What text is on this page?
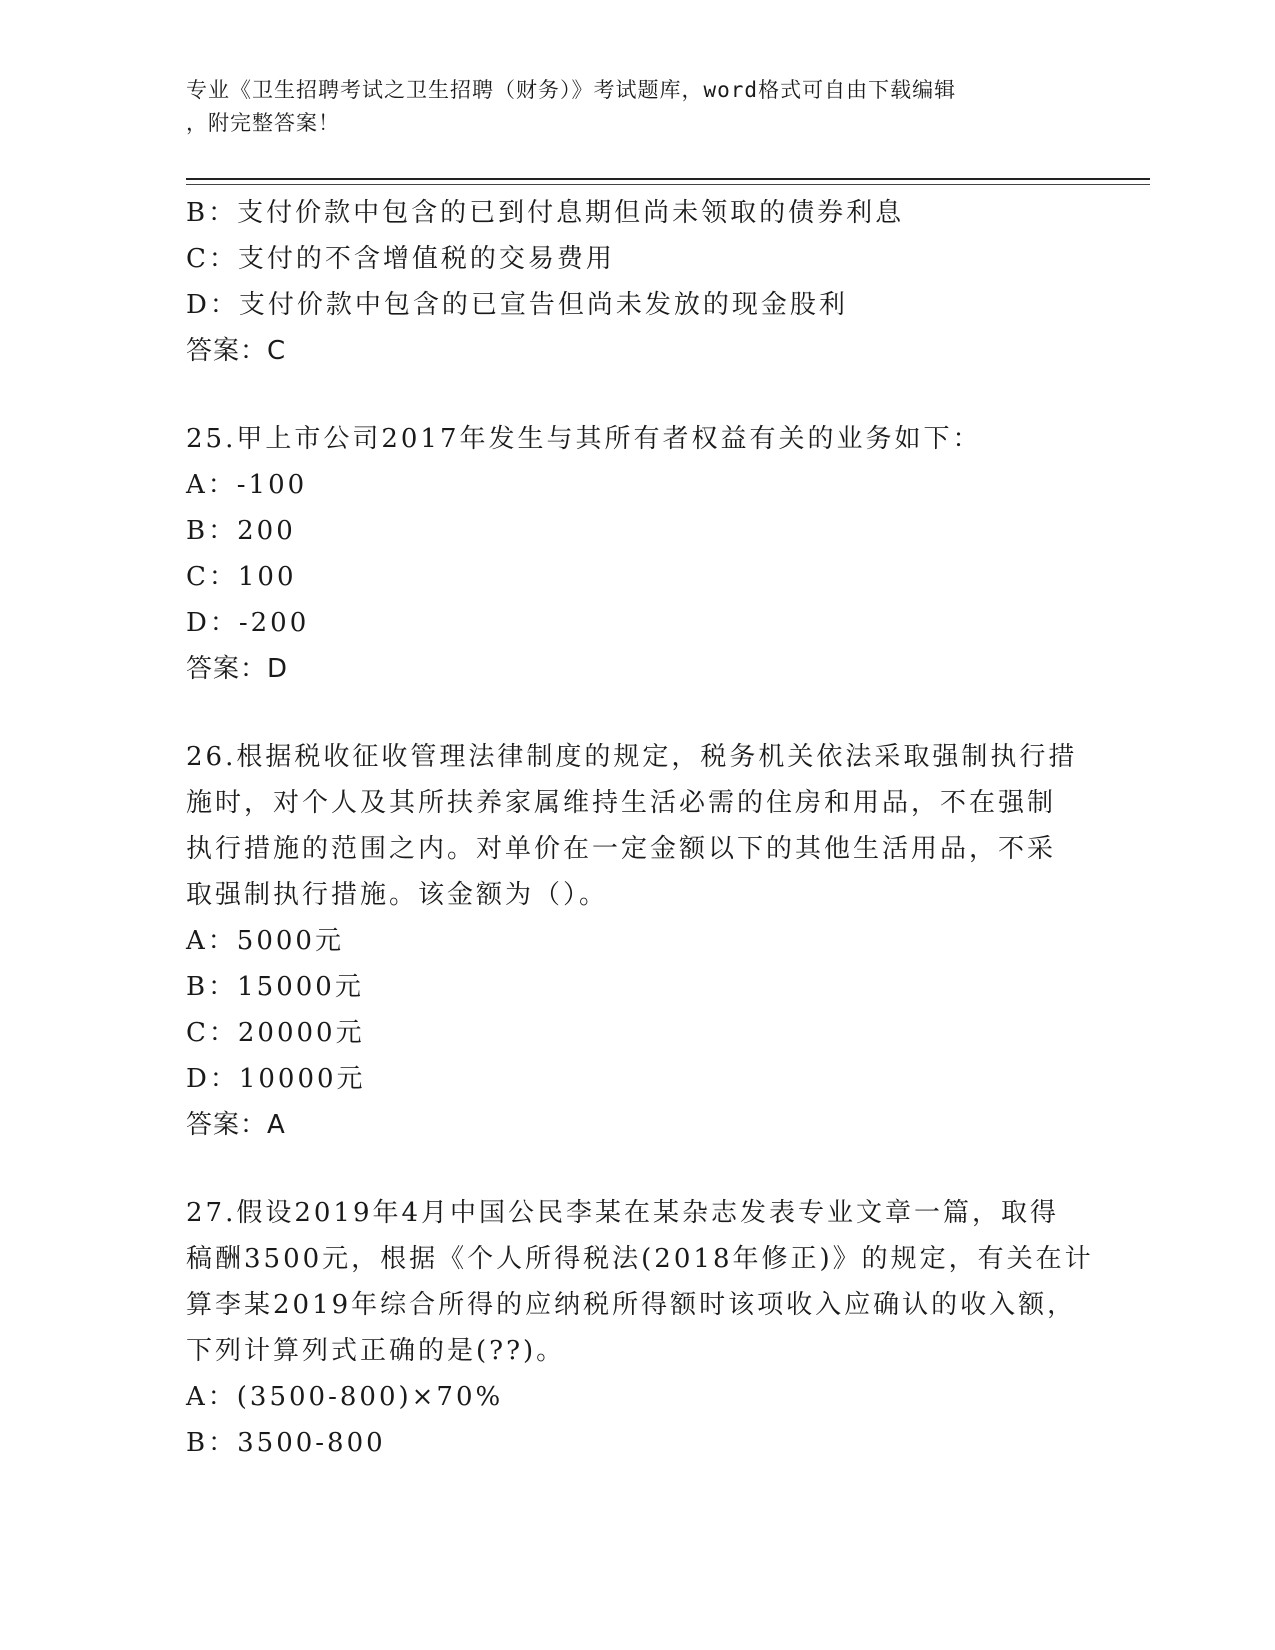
专业《卫生招聘考试之卫生招聘（财务）》考试题库，word格式可自由下载编辑
，附完整答案！
B：支付价款中包含的已到付息期但尚未领取的债券利息
C：支付的不含增值税的交易费用
D：支付价款中包含的已宣告但尚未发放的现金股利
答案：C
25.甲上市公司2017年发生与其所有者权益有关的业务如下：
A：-100
B：200
C：100
D：-200
答案：D
26.根据税收征收管理法律制度的规定，税务机关依法采取强制执行措
施时，对个人及其所扶养家属维持生活必需的住房和用品，不在强制
执行措施的范围之内。对单价在一定金额以下的其他生活用品，不采
取强制执行措施。该金额为（）。
A：5000元
B：15000元
C：20000元
D：10000元
答案：A
27.假设2019年4月中国公民李某在某杂志发表专业文章一篇，取得
稿酬3500元，根据《个人所得税法(2018年修正)》的规定，有关在计
算李某2019年综合所得的应纳税所得额时该项收入应确认的收入额，
下列计算列式正确的是(??)。
A：(3500-800)×70%
B：3500-800
